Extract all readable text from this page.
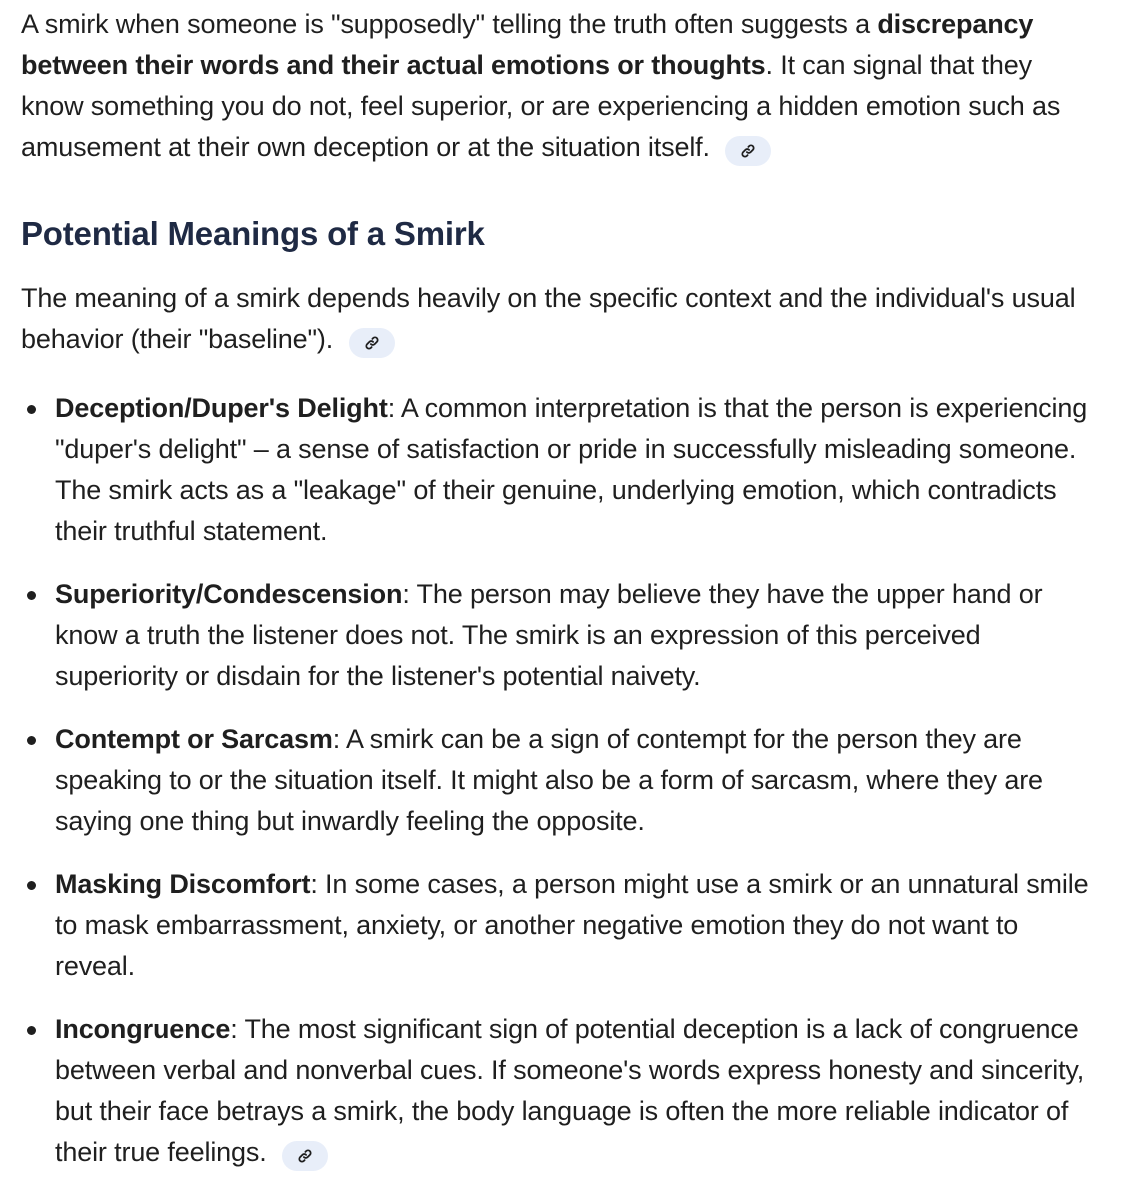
A smirk when someone is "supposedly" telling the truth often suggests a discrepancy between their words and their actual emotions or thoughts. It can signal that they know something you do not, feel superior, or are experiencing a hidden emotion such as amusement at their own deception or at the situation itself.

Potential Meanings of a Smirk

The meaning of a smirk depends heavily on the specific context and the individual's usual behavior (their "baseline").

Deception/Duper's Delight: A common interpretation is that the person is experiencing "duper's delight" – a sense of satisfaction or pride in successfully misleading someone. The smirk acts as a "leakage" of their genuine, underlying emotion, which contradicts their truthful statement.
Superiority/Condescension: The person may believe they have the upper hand or know a truth the listener does not. The smirk is an expression of this perceived superiority or disdain for the listener's potential naivety.
Contempt or Sarcasm: A smirk can be a sign of contempt for the person they are speaking to or the situation itself. It might also be a form of sarcasm, where they are saying one thing but inwardly feeling the opposite.
Masking Discomfort: In some cases, a person might use a smirk or an unnatural smile to mask embarrassment, anxiety, or another negative emotion they do not want to reveal.
Incongruence: The most significant sign of potential deception is a lack of congruence between verbal and nonverbal cues. If someone's words express honesty and sincerity, but their face betrays a smirk, the body language is often the more reliable indicator of their true feelings.
